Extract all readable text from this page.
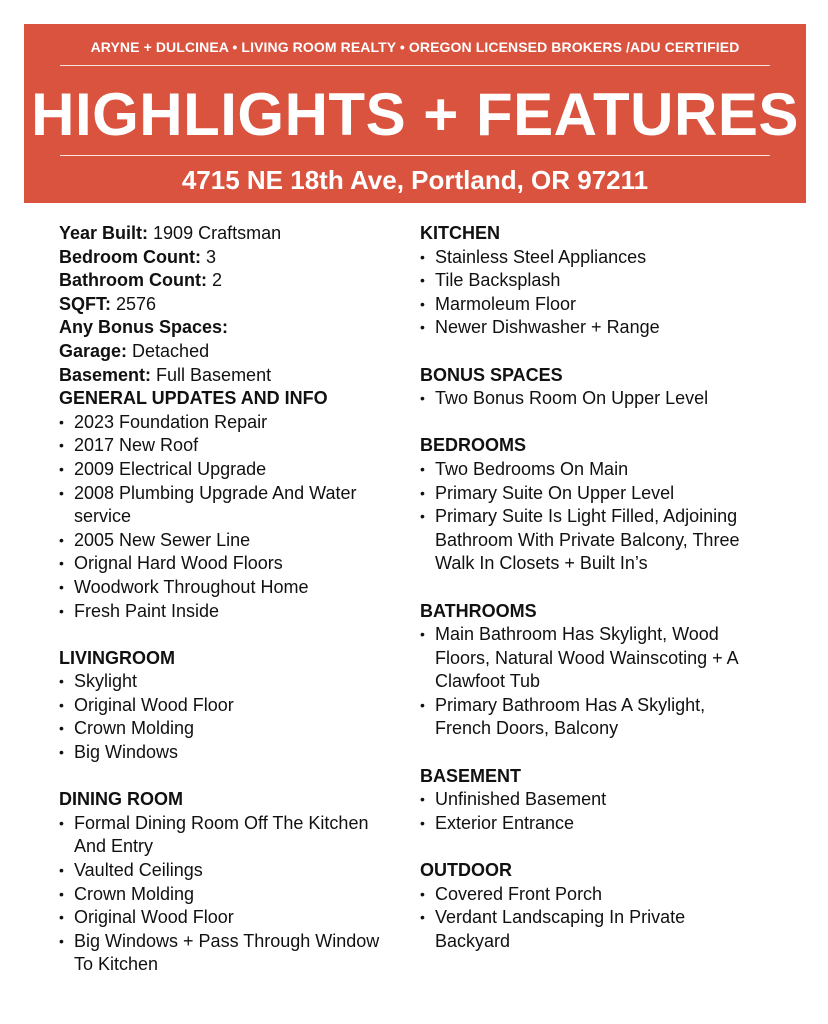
ARYNE + DULCINEA • LIVING ROOM REALTY • OREGON LICENSED BROKERS /ADU CERTIFIED
HIGHLIGHTS + FEATURES
4715 NE 18th Ave, Portland, OR 97211
Year Built: 1909 Craftsman
Bedroom Count: 3
Bathroom Count: 2
SQFT: 2576
Any Bonus Spaces:
Garage: Detached
Basement: Full Basement
GENERAL UPDATES AND INFO
• 2023 Foundation Repair
• 2017 New Roof
• 2009 Electrical Upgrade
• 2008 Plumbing Upgrade And Water service
• 2005 New Sewer Line
• Orignal Hard Wood Floors
• Woodwork Throughout Home
• Fresh Paint Inside
LIVINGROOM
• Skylight
• Original Wood Floor
• Crown Molding
• Big Windows
DINING ROOM
• Formal Dining Room Off The Kitchen And Entry
• Vaulted Ceilings
• Crown Molding
• Original Wood Floor
• Big Windows + Pass Through Window To Kitchen
KITCHEN
• Stainless Steel Appliances
• Tile Backsplash
• Marmoleum Floor
• Newer Dishwasher + Range
BONUS SPACES
• Two Bonus Room On Upper Level
BEDROOMS
• Two Bedrooms On Main
• Primary Suite On Upper Level
• Primary Suite Is Light Filled, Adjoining Bathroom With Private Balcony, Three Walk In Closets + Built In’s
BATHROOMS
• Main Bathroom Has Skylight, Wood Floors, Natural Wood Wainscoting + A Clawfoot Tub
• Primary Bathroom Has A Skylight, French Doors, Balcony
BASEMENT
• Unfinished Basement
• Exterior Entrance
OUTDOOR
• Covered Front Porch
• Verdant Landscaping In Private Backyard
